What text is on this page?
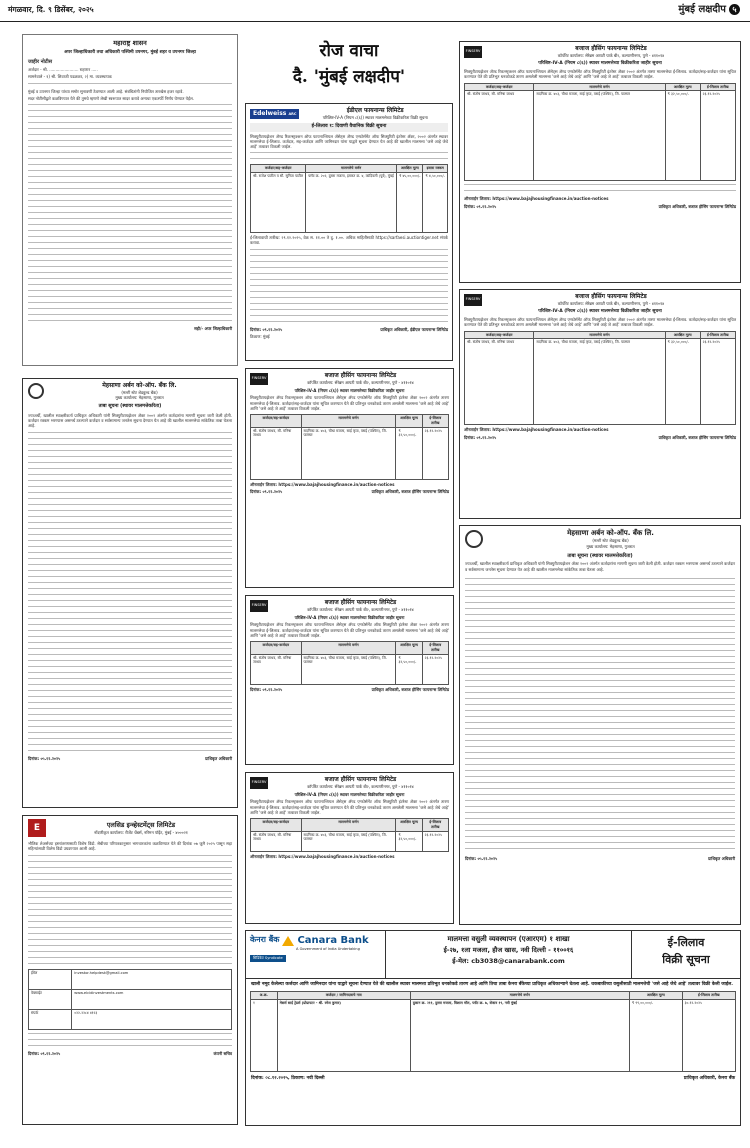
मंगळवार, दि. ९ डिसेंबर, २०२५	मुंबई लक्षदीप ५
महाराष्ट्र शासन
अपर जिल्हाधिकारी तथा अधिकारी पश्चिमी उपनगर, मुंबई शहर व उपनगर जिल्हा
जाहीर नोटीस
अर्जदार - श्री. ....................... राहणार .....
सामनेवाले - १) श्री. शिवाजी पडळकर, २) मा. व्यवस्थापक
मुंबई व उपनगर जिल्हा यांच्या समोर सुनावणी ठेवण्यात आली आहे. संबंधितांनी नियोजित तारखेस हजर रहावे.
सदर नोटीसीद्वारे कळविण्यात येते की तुमचे म्हणणे लेखी स्वरूपात सादर करावे अन्यथा एकतर्फी निर्णय घेण्यात येईल.
सही/- अपर जिल्हाधिकारी
रोज वाचा
दै. 'मुंबई लक्षदीप'
Edelweiss ARC	ईडीएल फायनान्स लिमिटेड
परिशिष्ट-IV-A (नियम ८(६)) स्थावर मालमत्तेच्या विक्रीकरिता विक्री सूचना
ई-लिलाव १: दिवाणी वैधानिक विक्री सूचना
सिक्युरीटायझेशन ॲण्ड रिकन्स्ट्रक्शन ऑफ फायनान्शियल ॲसेट्स ॲण्ड एन्फोर्समेंट ऑफ सिक्युरिटी इंटरेस्ट ॲक्ट, २००२ अंतर्गत स्थावर मालमत्तेचा ई-लिलाव. कर्जदार, सह-कर्जदार आणि जामिनदार यांना याद्वारे सूचना देण्यात येत आहे की खालील मालमत्ता 'जसे आहे जेथे आहे' तत्वावर विकली जाईल.
कर्जदार/सह-कर्जदार	मालमत्तेचे वर्णन	आरक्षित मूल्य	इसारा रक्कम
श्री. राजेश पाटील व सौ. सुनिता पाटील	फ्लॅट क्र. २०२, दुसरा मजला, इमारत क्र. ४, कांदिवली (पूर्व), मुंबई	₹ ४५,००,०००/-	₹ ४,५०,०००/-
ई-लिलावाची तारीख: २९.१२.२०२५, वेळ स. ११.०० ते दु. १.००. अधिक माहितीसाठी https://sarfaesi.auctiontiger.net संपर्क करावा.
दिनांक: ०९.१२.२०२५	प्राधिकृत अधिकारी, ईडीएल फायनान्स लिमिटेड
ठिकाण: मुंबई
FINSERV	बजाज हौसिंग फायनान्स लिमिटेड
कॉर्पोरेट कार्यालय: सेरेब्रम आयटी पार्क बी२, कल्याणीनगर, पुणे - ४११०१४
परिशिष्ट-IV-A (नियम ८(६)) स्थावर मालमत्तेच्या विक्रीकरिता जाहीर सूचना
सिक्युरीटायझेशन ॲण्ड रिकन्स्ट्रक्शन ऑफ फायनान्शियल ॲसेट्स ॲण्ड एन्फोर्समेंट ऑफ सिक्युरिटी इंटरेस्ट ॲक्ट २००२ अंतर्गत तारण मालमत्तेचा ई-लिलाव. कर्जदार/सह-कर्जदार यांना सूचित करण्यात येते की प्रतिभूत धनकोकडे तारण असलेली मालमत्ता 'जसे आहे जेथे आहे' आणि 'जसे आहे जे आहे' तत्वावर विकली जाईल.
कर्जदार/सह-कर्जदार	मालमत्तेचे वर्णन	आरक्षित मूल्य	ई-लिलाव तारीख
श्री. संतोष जाधव, सौ. मनिषा जाधव	सदनिका क्र. ४०३, चौथा मजला, साई कृपा, वसई (पश्चिम), जि. पालघर	₹ ३२,५०,०००/-	२३.१२.२०२५
ऑनलाईन लिलाव: https://www.bajajhousingfinance.in/auction-notices
दिनांक: ०९.१२.२०२५	प्राधिकृत अधिकारी, बजाज हौसिंग फायनान्स लिमिटेड
FINSERV	बजाज हौसिंग फायनान्स लिमिटेड
कॉर्पोरेट कार्यालय: सेरेब्रम आयटी पार्क बी२, कल्याणीनगर, पुणे - ४११०१४
परिशिष्ट-IV-A (नियम ८(६)) स्थावर मालमत्तेच्या विक्रीकरिता जाहीर सूचना
सिक्युरीटायझेशन ॲण्ड रिकन्स्ट्रक्शन ऑफ फायनान्शियल ॲसेट्स ॲण्ड एन्फोर्समेंट ऑफ सिक्युरिटी इंटरेस्ट ॲक्ट २००२ अंतर्गत तारण मालमत्तेचा ई-लिलाव. कर्जदार/सह-कर्जदार यांना सूचित करण्यात येते की प्रतिभूत धनकोकडे तारण असलेली मालमत्ता 'जसे आहे जेथे आहे' आणि 'जसे आहे जे आहे' तत्वावर विकली जाईल.
कर्जदार/सह-कर्जदार	मालमत्तेचे वर्णन	आरक्षित मूल्य	ई-लिलाव तारीख
श्री. संतोष जाधव, सौ. मनिषा जाधव	सदनिका क्र. ४०३, चौथा मजला, साई कृपा, वसई (पश्चिम), जि. पालघर	₹ ३२,५०,०००/-	२३.१२.२०२५
ऑनलाईन लिलाव: https://www.bajajhousingfinance.in/auction-notices
दिनांक: ०९.१२.२०२५	प्राधिकृत अधिकारी, बजाज हौसिंग फायनान्स लिमिटेड
मेहसाणा अर्बन को-ऑप. बँक लि.
(मल्टी स्टेट शेड्युल्ड बँक)
मुख्य कार्यालय: मेहसाणा, गुजरात
ताबा सूचना (स्थावर मालमत्तेकरिता)
ज्याअर्थी, खालील स्वाक्षरीकर्ता प्राधिकृत अधिकारी यांनी सिक्युरीटायझेशन ॲक्ट २००२ अंतर्गत कर्जदारांना मागणी सूचना जारी केली होती. कर्जदार रक्कम भरण्यास असमर्थ ठरल्याने कर्जदार व सर्वसामान्य जनतेस सूचना देण्यात येत आहे की खालील मालमत्तेचा सांकेतिक ताबा घेतला आहे.
दिनांक: ०५.१२.२०२५	प्राधिकृत अधिकारी
FINSERV	बजाज हौसिंग फायनान्स लिमिटेड
कॉर्पोरेट कार्यालय: सेरेब्रम आयटी पार्क बी२, कल्याणीनगर, पुणे - ४११०१४
परिशिष्ट-IV-A (नियम ८(६)) स्थावर मालमत्तेच्या विक्रीकरिता जाहीर सूचना
सिक्युरीटायझेशन ॲण्ड रिकन्स्ट्रक्शन ऑफ फायनान्शियल ॲसेट्स ॲण्ड एन्फोर्समेंट ऑफ सिक्युरिटी इंटरेस्ट ॲक्ट २००२ अंतर्गत तारण मालमत्तेचा ई-लिलाव. कर्जदार/सह-कर्जदार यांना सूचित करण्यात येते की प्रतिभूत धनकोकडे तारण असलेली मालमत्ता 'जसे आहे जेथे आहे' आणि 'जसे आहे जे आहे' तत्वावर विकली जाईल.
कर्जदार/सह-कर्जदार	मालमत्तेचे वर्णन	आरक्षित मूल्य	ई-लिलाव तारीख
श्री. संतोष जाधव, सौ. मनिषा जाधव	सदनिका क्र. ४०३, चौथा मजला, साई कृपा, वसई (पश्चिम), जि. पालघर	₹ ३२,५०,०००/-	२३.१२.२०२५
ऑनलाईन लिलाव: https://www.bajajhousingfinance.in/auction-notices
दिनांक: ०९.१२.२०२५	प्राधिकृत अधिकारी, बजाज हौसिंग फायनान्स लिमिटेड
FINSERV	बजाज हौसिंग फायनान्स लिमिटेड
कॉर्पोरेट कार्यालय: सेरेब्रम आयटी पार्क बी२, कल्याणीनगर, पुणे - ४११०१४
परिशिष्ट-IV-A (नियम ८(६)) स्थावर मालमत्तेच्या विक्रीकरिता जाहीर सूचना
सिक्युरीटायझेशन ॲण्ड रिकन्स्ट्रक्शन ऑफ फायनान्शियल ॲसेट्स ॲण्ड एन्फोर्समेंट ऑफ सिक्युरिटी इंटरेस्ट ॲक्ट २००२ अंतर्गत तारण मालमत्तेचा ई-लिलाव. कर्जदार/सह-कर्जदार यांना सूचित करण्यात येते की प्रतिभूत धनकोकडे तारण असलेली मालमत्ता 'जसे आहे जेथे आहे' आणि 'जसे आहे जे आहे' तत्वावर विकली जाईल.
कर्जदार/सह-कर्जदार	मालमत्तेचे वर्णन	आरक्षित मूल्य	ई-लिलाव तारीख
श्री. संतोष जाधव, सौ. मनिषा जाधव	सदनिका क्र. ४०३, चौथा मजला, साई कृपा, वसई (पश्चिम), जि. पालघर	₹ ३२,५०,०००/-	२३.१२.२०२५
दिनांक: ०९.१२.२०२५	प्राधिकृत अधिकारी, बजाज हौसिंग फायनान्स लिमिटेड
FINSERV	बजाज हौसिंग फायनान्स लिमिटेड
कॉर्पोरेट कार्यालय: सेरेब्रम आयटी पार्क बी२, कल्याणीनगर, पुणे - ४११०१४
परिशिष्ट-IV-A (नियम ८(६)) स्थावर मालमत्तेच्या विक्रीकरिता जाहीर सूचना
सिक्युरीटायझेशन ॲण्ड रिकन्स्ट्रक्शन ऑफ फायनान्शियल ॲसेट्स ॲण्ड एन्फोर्समेंट ऑफ सिक्युरिटी इंटरेस्ट ॲक्ट २००२ अंतर्गत तारण मालमत्तेचा ई-लिलाव. कर्जदार/सह-कर्जदार यांना सूचित करण्यात येते की प्रतिभूत धनकोकडे तारण असलेली मालमत्ता 'जसे आहे जेथे आहे' आणि 'जसे आहे जे आहे' तत्वावर विकली जाईल.
कर्जदार/सह-कर्जदार	मालमत्तेचे वर्णन	आरक्षित मूल्य	ई-लिलाव तारीख
श्री. संतोष जाधव, सौ. मनिषा जाधव	सदनिका क्र. ४०३, चौथा मजला, साई कृपा, वसई (पश्चिम), जि. पालघर	₹ ३२,५०,०००/-	२३.१२.२०२५
ऑनलाईन लिलाव: https://www.bajajhousingfinance.in/auction-notices
मेहसाणा अर्बन को-ऑप. बँक लि.
(मल्टी स्टेट शेड्युल्ड बँक)
मुख्य कार्यालय: मेहसाणा, गुजरात
ताबा सूचना (स्थावर मालमत्तेकरिता)
ज्याअर्थी, खालील स्वाक्षरीकर्ता प्राधिकृत अधिकारी यांनी सिक्युरीटायझेशन ॲक्ट २००२ अंतर्गत कर्जदारांना मागणी सूचना जारी केली होती. कर्जदार रक्कम भरण्यास असमर्थ ठरल्याने कर्जदार व सर्वसामान्य जनतेस सूचना देण्यात येत आहे की खालील मालमत्तेचा सांकेतिक ताबा घेतला आहे.
दिनांक: ०५.१२.२०२५	प्राधिकृत अधिकारी
E	एलसिड इन्व्हेस्टमेंट्स लिमिटेड
नोंदणीकृत कार्यालय: रीजेंट चेंबर्स, नरिमन पॉईंट, मुंबई - ४०००२१
भौतिक शेअर्सच्या हस्तांतरणासाठी विशेष विंडो. सेबीच्या परिपत्रकानुसार भागधारकांना कळविण्यात येते की दिनांक ०७ जुलै २०२५ पासून सहा महिन्यांसाठी विशेष विंडो उघडण्यात आली आहे.
ईमेल	investor.helpdesk@gmail.com
वेबसाईट	www.elcidinvestments.com
संपर्क	०२२-२२८४ ४१२३
दिनांक: ०९.१२.२०२५	कंपनी सचिव
केनरा बैंक Canara Bank
A Government of India Undertaking
सिंडिकेट Syndicate
मालमत्ता वसुली व्यवस्थापन (एआरएम) १ शाखा
ई-२७, १ला मजला, हौज खास, नवी दिल्ली - ११००१६
ई-मेल: cb3038@canarabank.com
ई-लिलाव
विक्री सूचना
खाली नमूद केलेल्या कर्जदार आणि जामिनदार यांना याद्वारे सूचना देण्यात येते की खालील स्थावर मालमत्ता प्रतिभूत धनकोकडे तारण आहे आणि तिचा ताबा केनरा बँकेच्या प्राधिकृत अधिकाऱ्याने घेतला आहे. थकबाकीच्या वसुलीसाठी मालमत्तेची 'जसे आहे जेथे आहे' तत्वावर विक्री केली जाईल.
अ.क्र.	कर्जदार / जामिनदाराचे नाव	मालमत्तेचे वर्णन	आरक्षित मूल्य	ई-लिलाव तारीख
१	मेसर्स साई ट्रेडर्स (प्रोप्रायटर - श्री. रमेश कुमार)	दुकान क्र. २११, दुसरा मजला, विशाल मॉल, प्लॉट क्र. ७, सेक्टर १९, नवी मुंबई	₹ ९९,००,०००/-	३०.१२.२०२५
दिनांक: ०८.१२.२०२५, ठिकाण: नवी दिल्ली	प्राधिकृत अधिकारी, केनरा बँक
